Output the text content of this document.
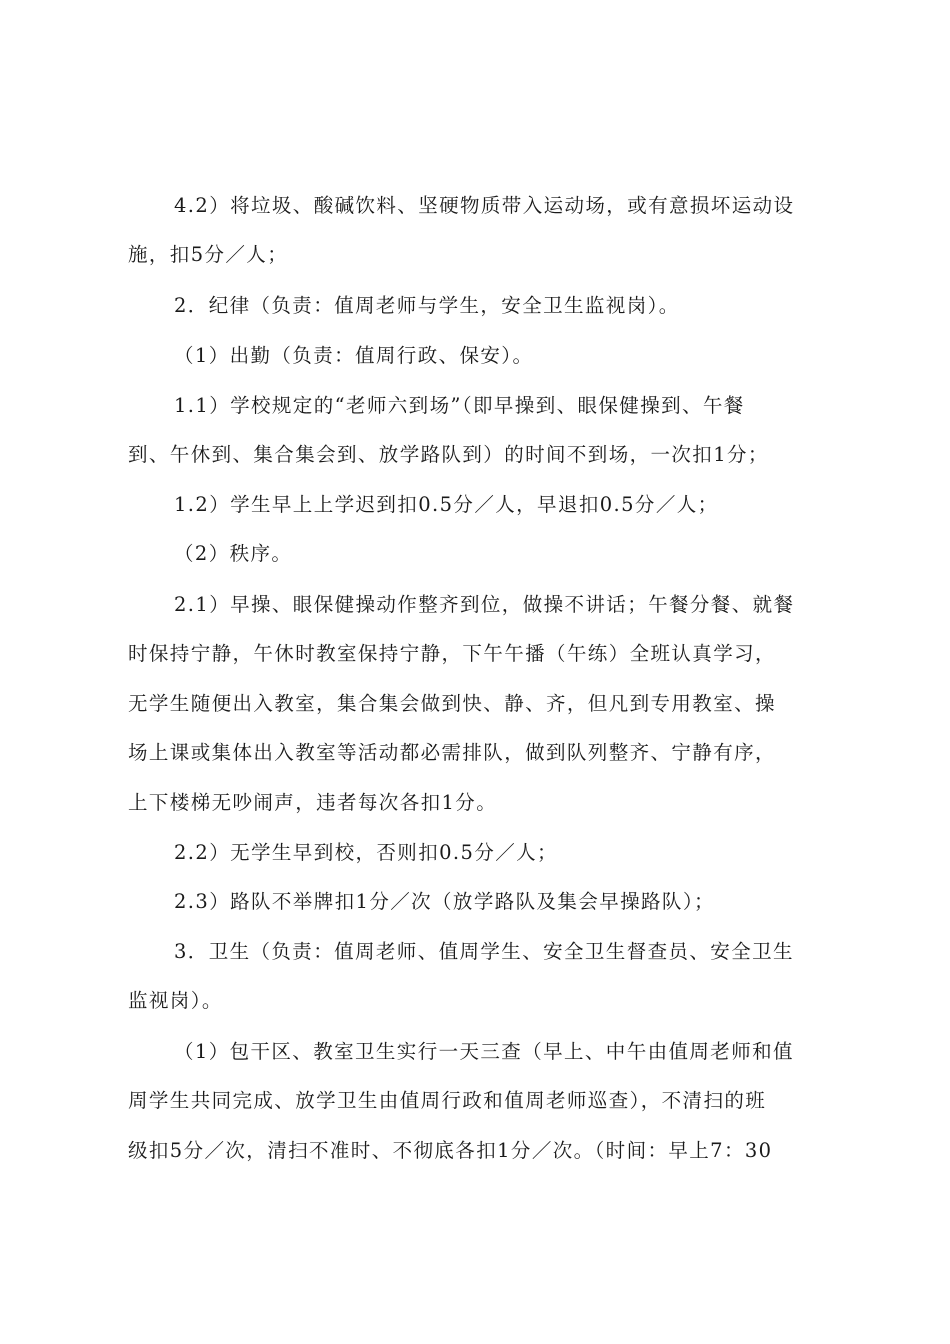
4.2）将垃圾、酸碱饮料、坚硬物质带入运动场，或有意损坏运动设
施，扣5分／人；
2．纪律（负责：值周老师与学生，安全卫生监视岗）。
（1）出勤（负责：值周行政、保安）。
1.1）学校规定的“老师六到场”（即早操到、眼保健操到、午餐
到、午休到、集合集会到、放学路队到）的时间不到场，一次扣1分；
1.2）学生早上上学迟到扣0.5分／人，早退扣0.5分／人；
（2）秩序。
2.1）早操、眼保健操动作整齐到位，做操不讲话；午餐分餐、就餐
时保持宁静，午休时教室保持宁静，下午午播（午练）全班认真学习，
无学生随便出入教室，集合集会做到快、静、齐，但凡到专用教室、操
场上课或集体出入教室等活动都必需排队，做到队列整齐、宁静有序，
上下楼梯无吵闹声，违者每次各扣1分。
2.2）无学生早到校，否则扣0.5分／人；
2.3）路队不举牌扣1分／次（放学路队及集会早操路队）；
3．卫生（负责：值周老师、值周学生、安全卫生督查员、安全卫生
监视岗）。
（1）包干区、教室卫生实行一天三查（早上、中午由值周老师和值
周学生共同完成、放学卫生由值周行政和值周老师巡查），不清扫的班
级扣5分／次，清扫不准时、不彻底各扣1分／次。（时间：早上7：30
